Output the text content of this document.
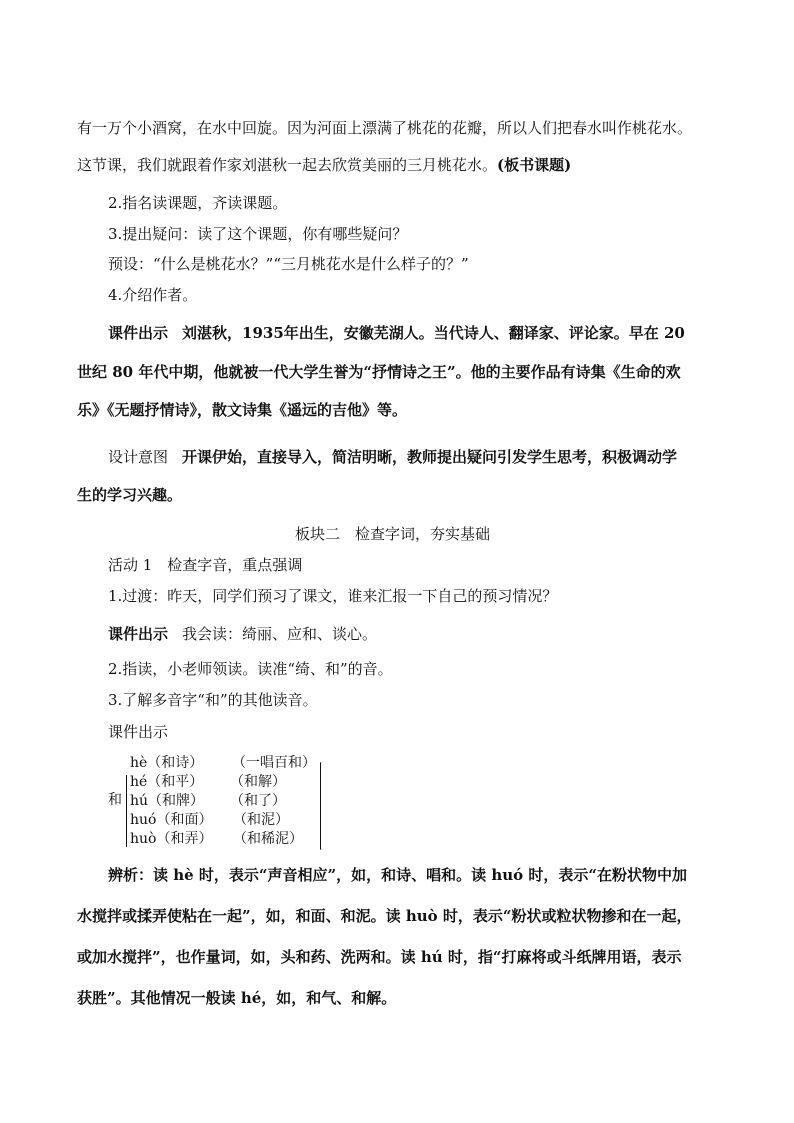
有一万个小酒窝，在水中回旋。因为河面上漂满了桃花的花瓣，所以人们把春水叫作桃花水。
这节课，我们就跟着作家刘湛秋一起去欣赏美丽的三月桃花水。(板书课题)
2.指名读课题，齐读课题。
3.提出疑问：读了这个课题，你有哪些疑问？
预设：“什么是桃花水？”“三月桃花水是什么样子的？”
4.介绍作者。
课件出示 刘湛秋，1935年出生，安徽芜湖人。当代诗人、翻译家、评论家。早在 20
世纪 80 年代中期，他就被一代大学生誉为“抒情诗之王”。他的主要作品有诗集《生命的欢
乐》《无题抒情诗》，散文诗集《遥远的吉他》等。
设计意图 开课伊始，直接导入，简洁明晰，教师提出疑问引发学生思考，积极调动学
生的学习兴趣。
板块二　检查字词，夯实基础
活动 1　检查字音，重点强调
1.过渡：昨天，同学们预习了课文，谁来汇报一下自己的预习情况？
课件出示 我会读：绮丽、应和、谈心。
2.指读，小老师领读。读准“绮、和”的音。
3.了解多音字“和”的其他读音。
课件出示
和
hè（和诗） （一唱百和）
hé（和平） （和解）
hú（和牌） （和了）
huó（和面） （和泥）
huò（和弄） （和稀泥）
辨析：读 hè 时，表示“声音相应”，如，和诗、唱和。读 huó 时，表示“在粉状物中加
水搅拌或揉弄使粘在一起”，如，和面、和泥。读 huò 时，表示“粉状或粒状物掺和在一起，
或加水搅拌”，也作量词，如，头和药、洗两和。读 hú 时，指“打麻将或斗纸牌用语，表示
获胜”。其他情况一般读 hé，如，和气、和解。
